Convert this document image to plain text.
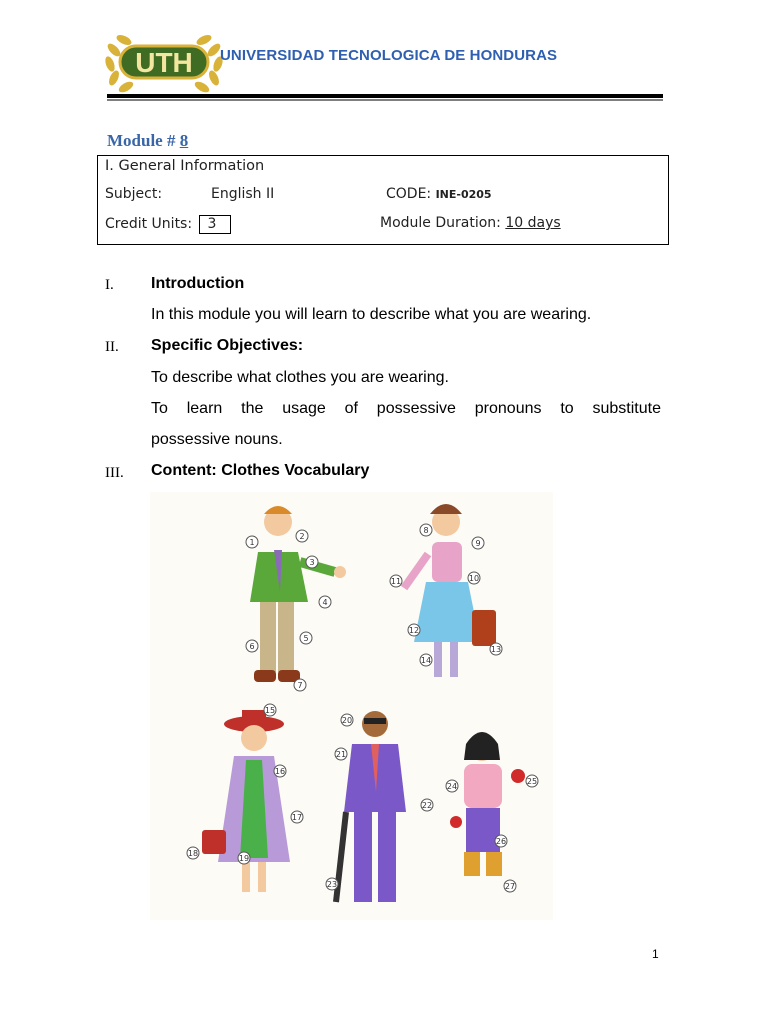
UTH UNIVERSIDAD TECNOLOGICA DE HONDURAS
Module # 8
I. General Information
Subject:	English II	CODE: INE-0205
Credit Units: 3	Module Duration: 10 days
I. Introduction
In this module you will learn to describe what you are wearing.
II. Specific Objectives:
To describe what clothes you are wearing.
To learn the usage of possessive pronouns to substitute
possessive nouns.
III. Content: Clothes Vocabulary
1
2
3
4
5
6
7
8
9
10
11
12
13
14
15
16
17
18
19
20
21
22
23
24
25
26
27
1
